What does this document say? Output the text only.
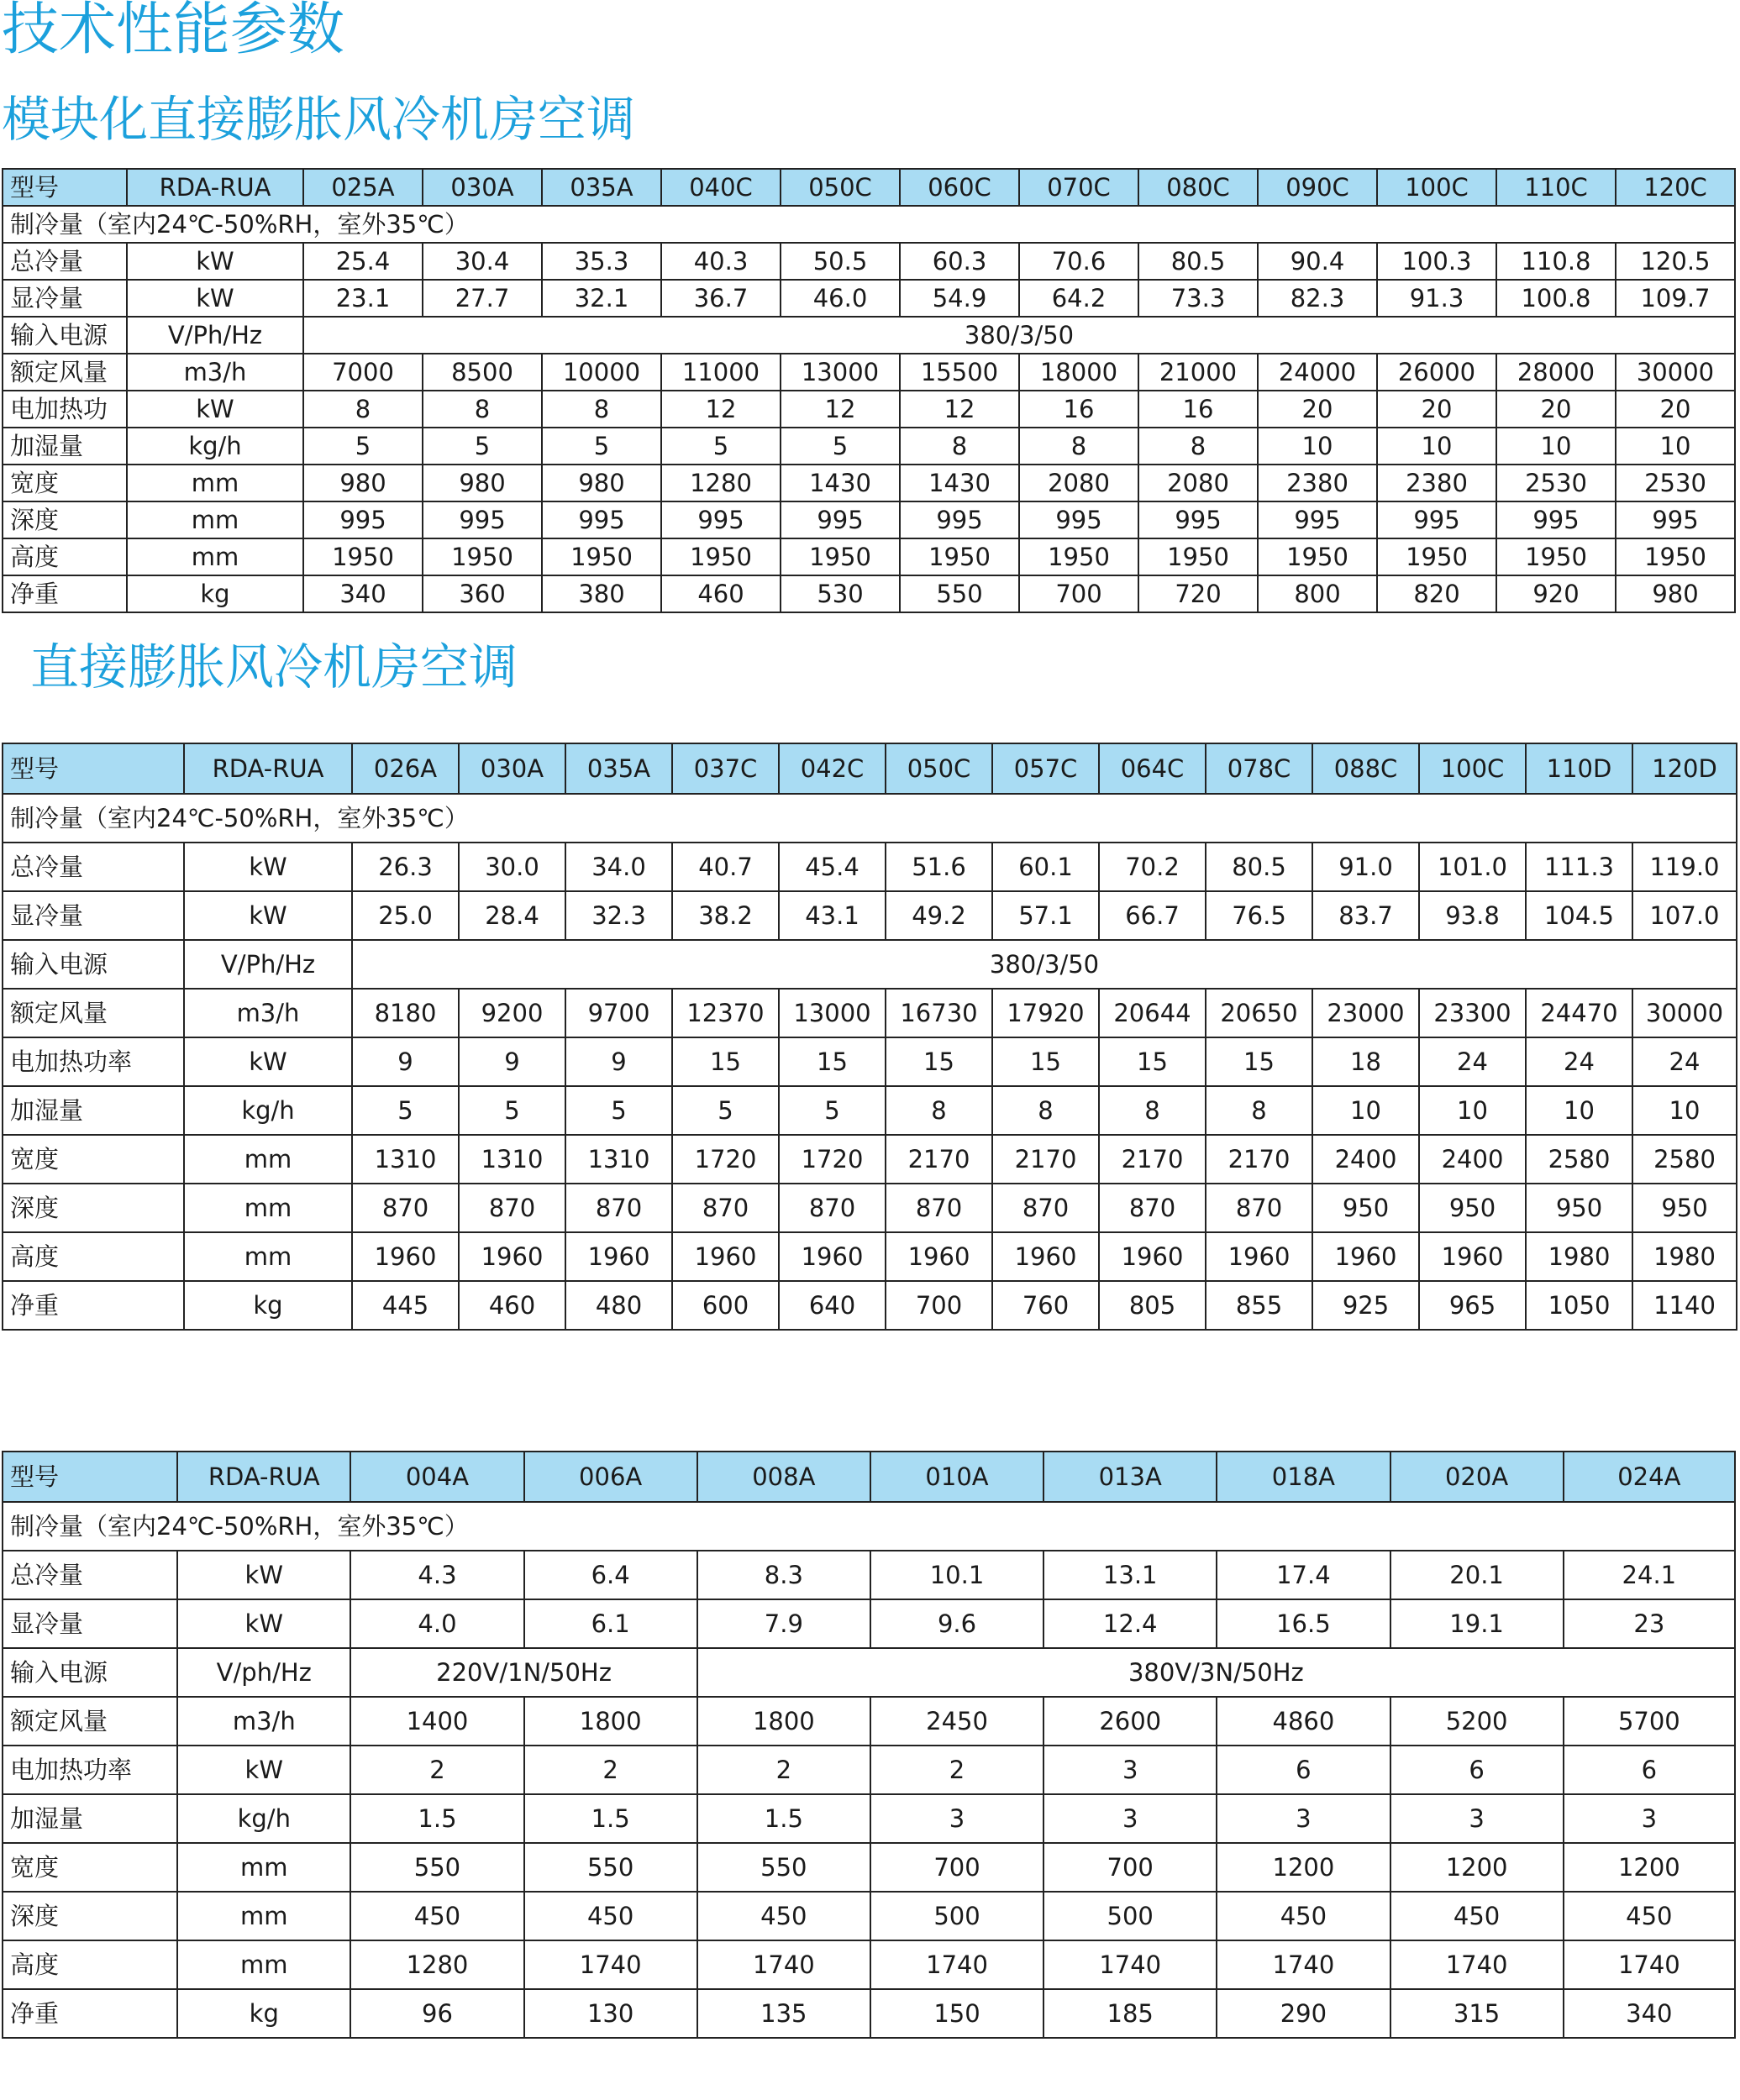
技术性能参数
模块化直接膨胀风冷机房空调
型号	RDA-RUA	025A	030A	035A	040C	050C	060C	070C	080C	090C	100C	110C	120C
制冷量（室内24℃-50%RH，室外35℃）													
总冷量	kW	25.4	30.4	35.3	40.3	50.5	60.3	70.6	80.5	90.4	100.3	110.8	120.5
显冷量	kW	23.1	27.7	32.1	36.7	46.0	54.9	64.2	73.3	82.3	91.3	100.8	109.7
输入电源	V/Ph/Hz	380/3/50											
额定风量	m3/h	7000	8500	10000	11000	13000	15500	18000	21000	24000	26000	28000	30000
电加热功	kW	8	8	8	12	12	12	16	16	20	20	20	20
加湿量	kg/h	5	5	5	5	5	8	8	8	10	10	10	10
宽度	mm	980	980	980	1280	1430	1430	2080	2080	2380	2380	2530	2530
深度	mm	995	995	995	995	995	995	995	995	995	995	995	995
高度	mm	1950	1950	1950	1950	1950	1950	1950	1950	1950	1950	1950	1950
净重	kg	340	360	380	460	530	550	700	720	800	820	920	980
直接膨胀风冷机房空调
型号	RDA-RUA	026A	030A	035A	037C	042C	050C	057C	064C	078C	088C	100C	110D	120D
制冷量（室内24℃-50%RH，室外35℃）														
总冷量	kW	26.3	30.0	34.0	40.7	45.4	51.6	60.1	70.2	80.5	91.0	101.0	111.3	119.0
显冷量	kW	25.0	28.4	32.3	38.2	43.1	49.2	57.1	66.7	76.5	83.7	93.8	104.5	107.0
输入电源	V/Ph/Hz	380/3/50												
额定风量	m3/h	8180	9200	9700	12370	13000	16730	17920	20644	20650	23000	23300	24470	30000
电加热功率	kW	9	9	9	15	15	15	15	15	15	18	24	24	24
加湿量	kg/h	5	5	5	5	5	8	8	8	8	10	10	10	10
宽度	mm	1310	1310	1310	1720	1720	2170	2170	2170	2170	2400	2400	2580	2580
深度	mm	870	870	870	870	870	870	870	870	870	950	950	950	950
高度	mm	1960	1960	1960	1960	1960	1960	1960	1960	1960	1960	1960	1980	1980
净重	kg	445	460	480	600	640	700	760	805	855	925	965	1050	1140
型号	RDA-RUA	004A	006A	008A	010A	013A	018A	020A	024A
制冷量（室内24℃-50%RH，室外35℃）									
总冷量	kW	4.3	6.4	8.3	10.1	13.1	17.4	20.1	24.1
显冷量	kW	4.0	6.1	7.9	9.6	12.4	16.5	19.1	23
输入电源	V/ph/Hz	220V/1N/50Hz		380V/3N/50Hz					
额定风量	m3/h	1400	1800	1800	2450	2600	4860	5200	5700
电加热功率	kW	2	2	2	2	3	6	6	6
加湿量	kg/h	1.5	1.5	1.5	3	3	3	3	3
宽度	mm	550	550	550	700	700	1200	1200	1200
深度	mm	450	450	450	500	500	450	450	450
高度	mm	1280	1740	1740	1740	1740	1740	1740	1740
净重	kg	96	130	135	150	185	290	315	340
